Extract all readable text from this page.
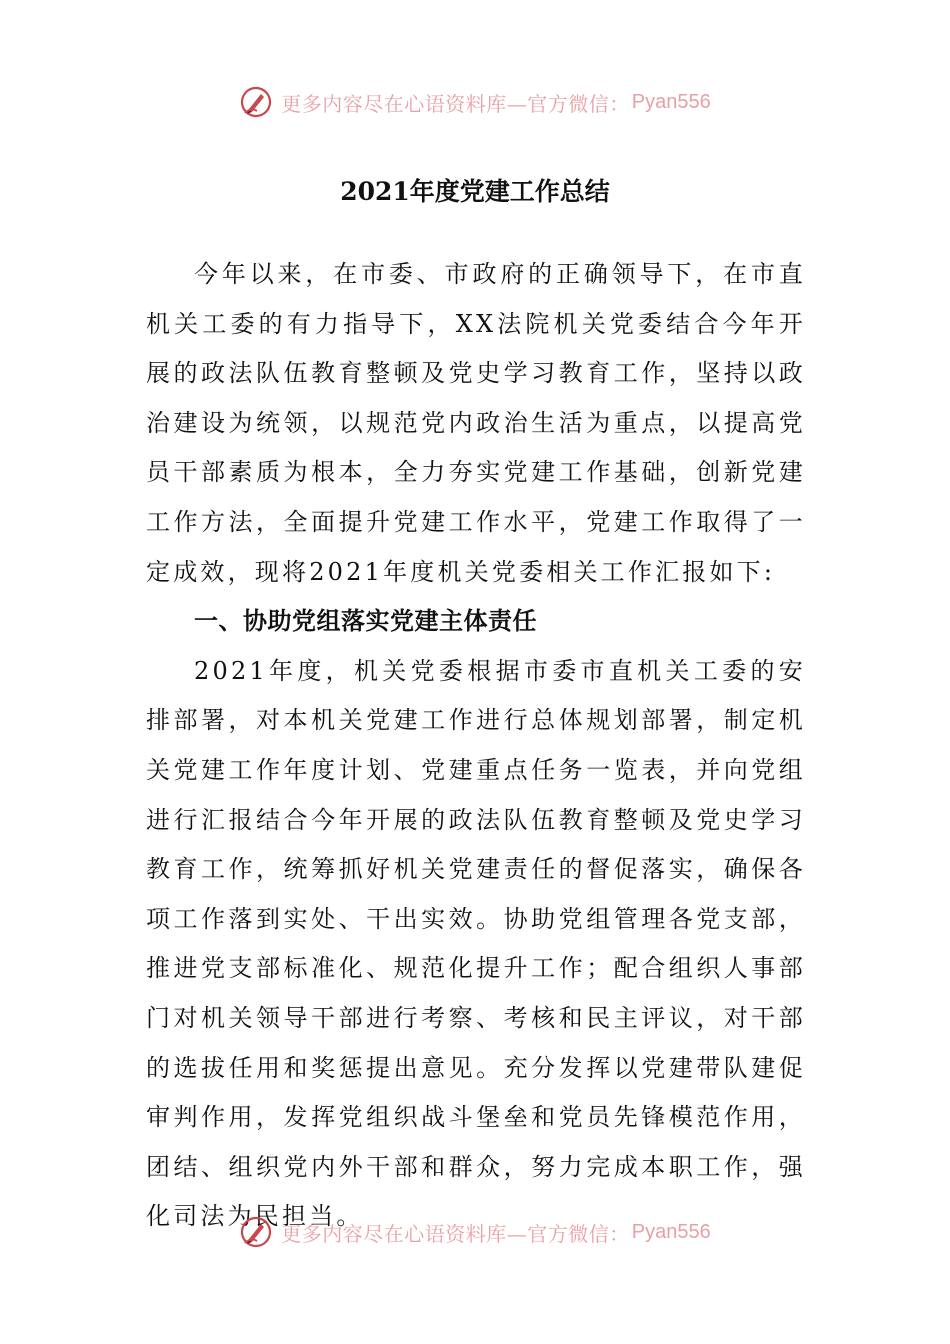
更多内容尽在心语资料库—官方微信： Pyan556
2021年度党建工作总结

今年以来，在市委、市政府的正确领导下，在市直机关工委的有力指导下，XX法院机关党委结合今年开展的政法队伍教育整顿及党史学习教育工作，坚持以政治建设为统领，以规范党内政治生活为重点，以提高党员干部素质为根本，全力夯实党建工作基础，创新党建工作方法，全面提升党建工作水平，党建工作取得了一定成效，现将2021年度机关党委相关工作汇报如下:

一、协助党组落实党建主体责任

2021年度，机关党委根据市委市直机关工委的安排部署，对本机关党建工作进行总体规划部署，制定机关党建工作年度计划、党建重点任务一览表，并向党组进行汇报结合今年开展的政法队伍教育整顿及党史学习教育工作，统筹抓好机关党建责任的督促落实，确保各项工作落到实处、干出实效。协助党组管理各党支部，推进党支部标准化、规范化提升工作；配合组织人事部门对机关领导干部进行考察、考核和民主评议，对干部的选拔任用和奖惩提出意见。充分发挥以党建带队建促审判作用，发挥党组织战斗堡垒和党员先锋模范作用，团结、组织党内外干部和群众，努力完成本职工作，强化司法为民担当。

更多内容尽在心语资料库—官方微信： Pyan556
